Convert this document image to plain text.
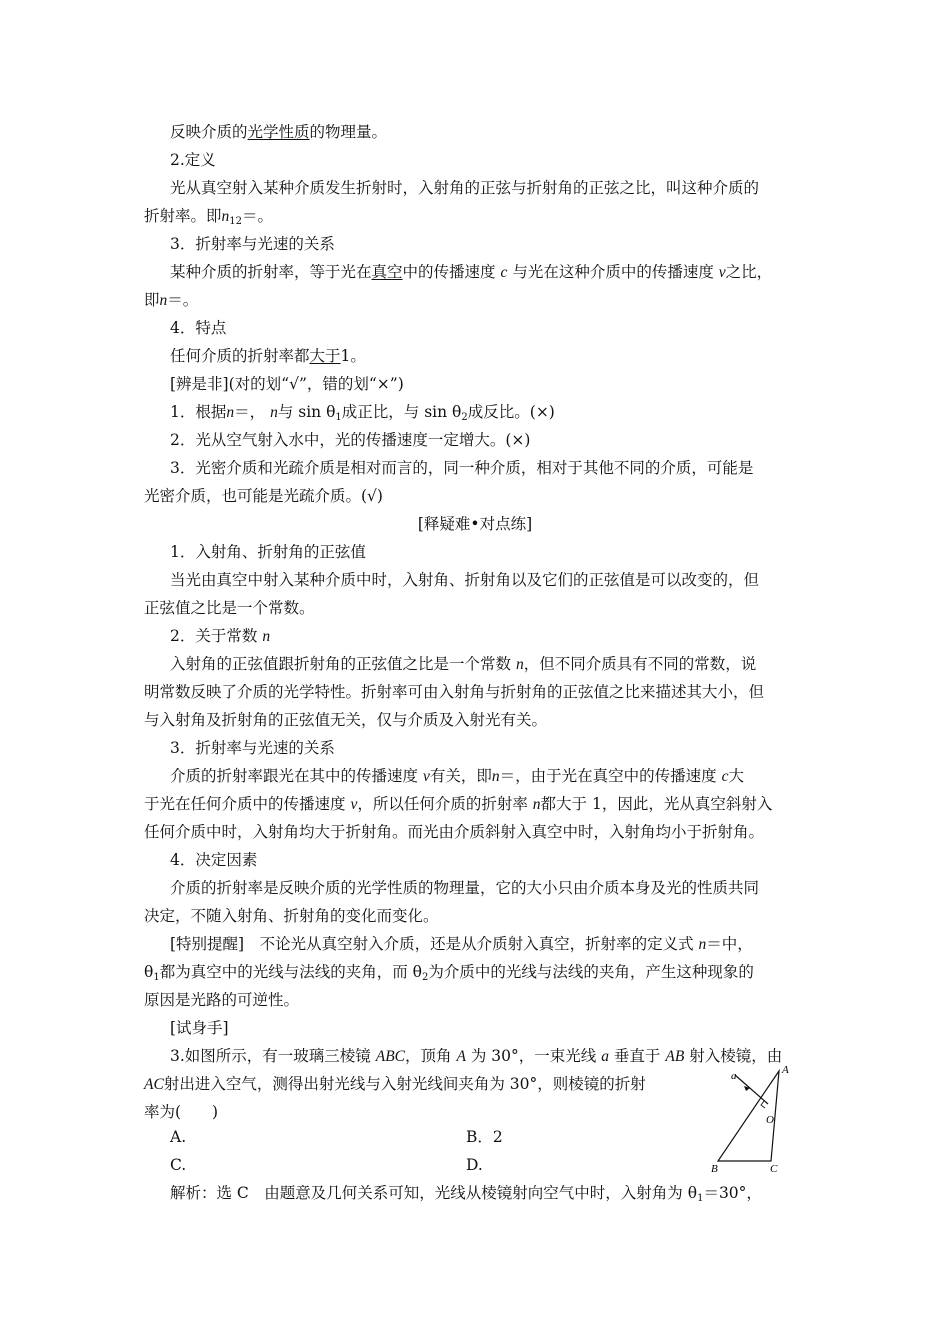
反映介质的光学性质的物理量。
2.定义
光从真空射入某种介质发生折射时，入射角的正弦与折射角的正弦之比，叫这种介质的
折射率。即$n_{12}=$。
3．折射率与光速的关系
某种介质的折射率，等于光在真空中的传播速度 c 与光在这种介质中的传播速度 v之比，
即n＝。
4．特点
任何介质的折射率都大于1。
[辨是非](对的划“√”，错的划“×”)
1．根据n＝， n与 $\sin \theta_1$成正比，与 $\sin \theta_2$成反比。(×)
2．光从空气射入水中，光的传播速度一定增大。(×)
3．光密介质和光疏介质是相对而言的，同一种介质，相对于其他不同的介质，可能是
光密介质，也可能是光疏介质。(√)
[释疑难•对点练]
1．入射角、折射角的正弦值
当光由真空中射入某种介质中时，入射角、折射角以及它们的正弦值是可以改变的，但
正弦值之比是一个常数。
2．关于常数 n
入射角的正弦值跟折射角的正弦值之比是一个常数 n，但不同介质具有不同的常数，说
明常数反映了介质的光学特性。折射率可由入射角与折射角的正弦值之比来描述其大小，但
与入射角及折射角的正弦值无关，仅与介质及入射光有关。
3．折射率与光速的关系
介质的折射率跟光在其中的传播速度 v有关，即n＝，由于光在真空中的传播速度 c大
于光在任何介质中的传播速度 v，所以任何介质的折射率 n都大于 1，因此，光从真空斜射入
任何介质中时，入射角均大于折射角。而光由介质斜射入真空中时，入射角均小于折射角。
4．决定因素
介质的折射率是反映介质的光学性质的物理量，它的大小只由介质本身及光的性质共同
决定，不随入射角、折射角的变化而变化。
[特别提醒]　不论光从真空射入介质，还是从介质射入真空，折射率的定义式 n＝中，
$\theta_1$都为真空中的光线与法线的夹角，而 $\theta_2$为介质中的光线与法线的夹角，产生这种现象的
原因是光路的可逆性。
[试身手]
3.如图所示，有一玻璃三棱镜 ABC，顶角 A 为 30°，一束光线 a 垂直于 AB 射入棱镜，由
AC射出进入空气，测得出射光线与入射光线间夹角为 30°，则棱镜的折射
率为(　　)
A.	B．2
C.	D.
解析：选 C　由题意及几何关系可知，光线从棱镜射向空气中时，入射角为 $\theta_1=30^\circ$，
A
a
O
B	C
